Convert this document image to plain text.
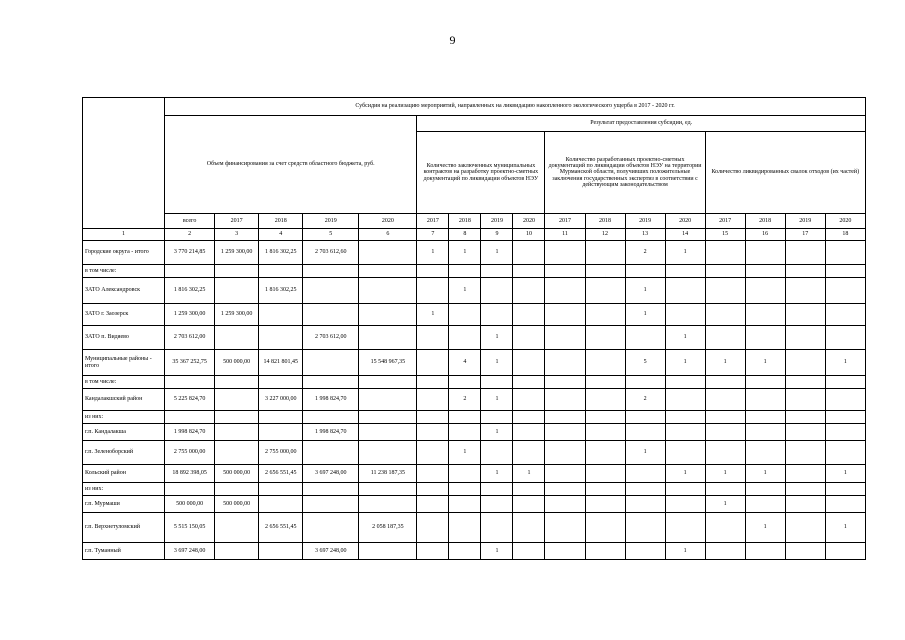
9
	Субсидия на реализацию мероприятий, направленных на ликвидацию накопленного экологического ущерба в 2017 - 2020 гг.																
	Объем финансирования за счет средств областного бюджета, руб.					Результат предоставления субсидии, ед.											
						Количество заключенных муниципальных контрактов на разработку проектно-сметных документаций по ликвидации объектов НЭУ				Количество разработанных проектно-сметных документаций по ликвидации объектов НЭУ на территории Мурманской области, получивших положительные заключения государственных экспертиз в соответствии с действующим законодательством				Количество ликвидированных свалок отходов (их частей)			
	всего	2017	2018	2019	2020	2017	2018	2019	2020	2017	2018	2019	2020	2017	2018	2019	2020
1	2	3	4	5	6	7	8	9	10	11	12	13	14	15	16	17	18
Городские округа - итого	3 770 214,85	1 259 300,00	1 816 302,25	2 703 612,60		1	1	1				2	1				
в том числе:																	
ЗАТО Александровск	1 816 302,25		1 816 302,25				1					1					
ЗАТО г. Заозерск	1 259 300,00	1 259 300,00				1						1					
ЗАТО п. Видяево	2 703 612,00			2 703 612,00				1					1				
Муниципальные районы - итого	35 367 252,75	500 000,00	14 821 801,45		15 548 967,35		4	1				5	1	1	1		1
в том числе:																	
Кандалакшский район	5 225 824,70		3 227 000,00	1 998 824,70			2	1				2					
из них:																	
г.п. Кандалакша	1 998 824,70			1 998 824,70				1									
г.п. Зеленоборский	2 755 000,00		2 755 000,00				1					1					
Кольский район	18 892 398,05	500 000,00	2 656 551,45	3 697 248,00	11 238 187,35			1	1				1	1	1		1
из них:																	
г.п. Мурмаши	500 000,00	500 000,00												1			
г.п. Верхнетуломский	5 515 150,05		2 656 551,45		2 058 187,35										1		1
г.п. Туманный	3 697 248,00			3 697 248,00				1					1				
